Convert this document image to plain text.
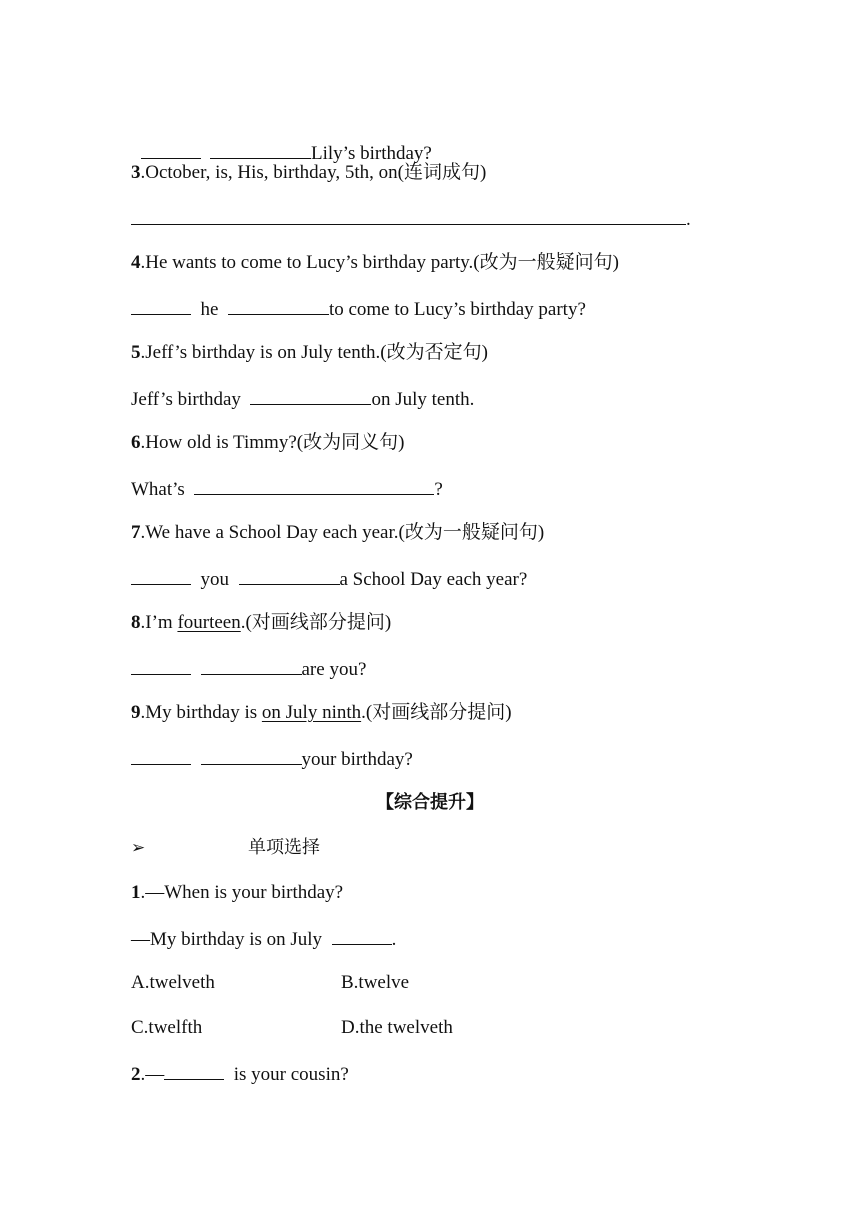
Lily’s birthday?

3.October, is, His, birthday, 5th, on(连词成句)
.
4.He wants to come to Lucy’s birthday party.(改为一般疑问句)
he	to come to Lucy’s birthday party?
5.Jeff’s birthday is on July tenth.(改为否定句)
Jeff’s birthday	on July tenth.
6.How old is Timmy?(改为同义句)
What’s	?
7.We have a School Day each year.(改为一般疑问句)
you	a School Day each year?
8.I’m fourteen.(对画线部分提问)
are you?
9.My birthday is on July ninth.(对画线部分提问)
your birthday?
【综合提升】
➢	单项选择
1.—When is your birthday?
—My birthday is on July	.
A.twelveth	B.twelve
C.twelfth	D.the twelveth
2.—	is your cousin?
